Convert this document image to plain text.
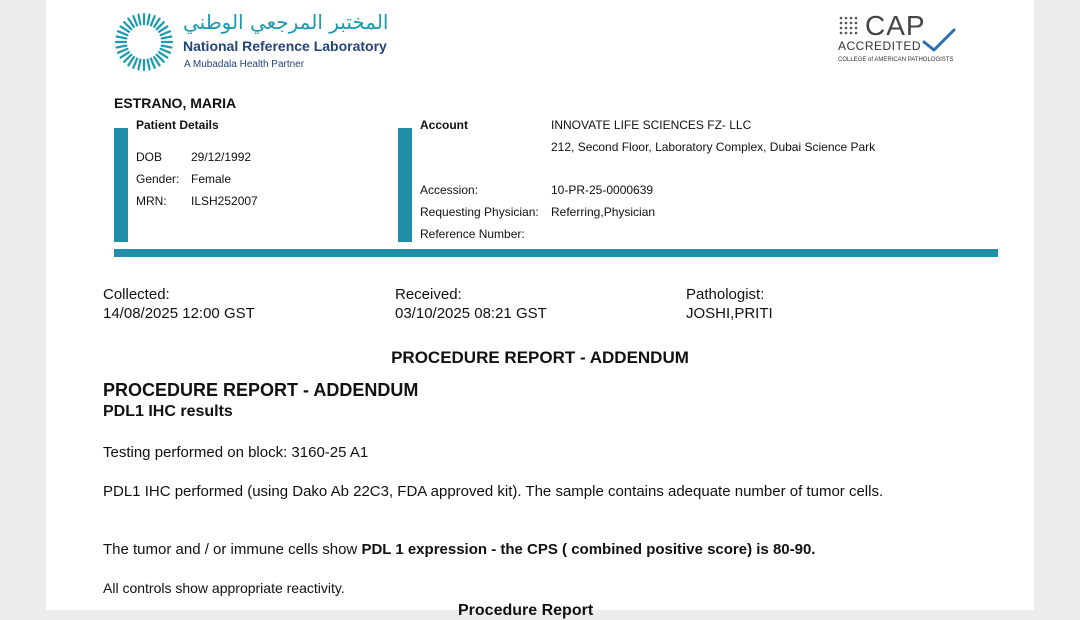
المختبر المرجعي الوطني
National Reference Laboratory
A Mubadala Health Partner
CAP
ACCREDITED
COLLEGE of AMERICAN PATHOLOGISTS
ESTRANO, MARIA
Patient Details
DOB 29/12/1992
Gender: Female
MRN: ILSH252007
Account	INNOVATE LIFE SCIENCES FZ- LLC
212, Second Floor, Laboratory Complex, Dubai Science Park
Accession:	10-PR-25-0000639
Requesting Physician: Referring,Physician
Reference Number:
Collected:
14/08/2025 12:00 GST
Received:
03/10/2025 08:21 GST
Pathologist:
JOSHI,PRITI
PROCEDURE REPORT - ADDENDUM
PROCEDURE REPORT - ADDENDUM
PDL1 IHC results
Testing performed on block: 3160-25 A1
PDL1 IHC performed (using Dako Ab 22C3, FDA approved kit). The sample contains adequate number of tumor cells.
The tumor and / or immune cells show PDL 1 expression - the CPS ( combined positive score) is 80-90.
All controls show appropriate reactivity.
Procedure Report
